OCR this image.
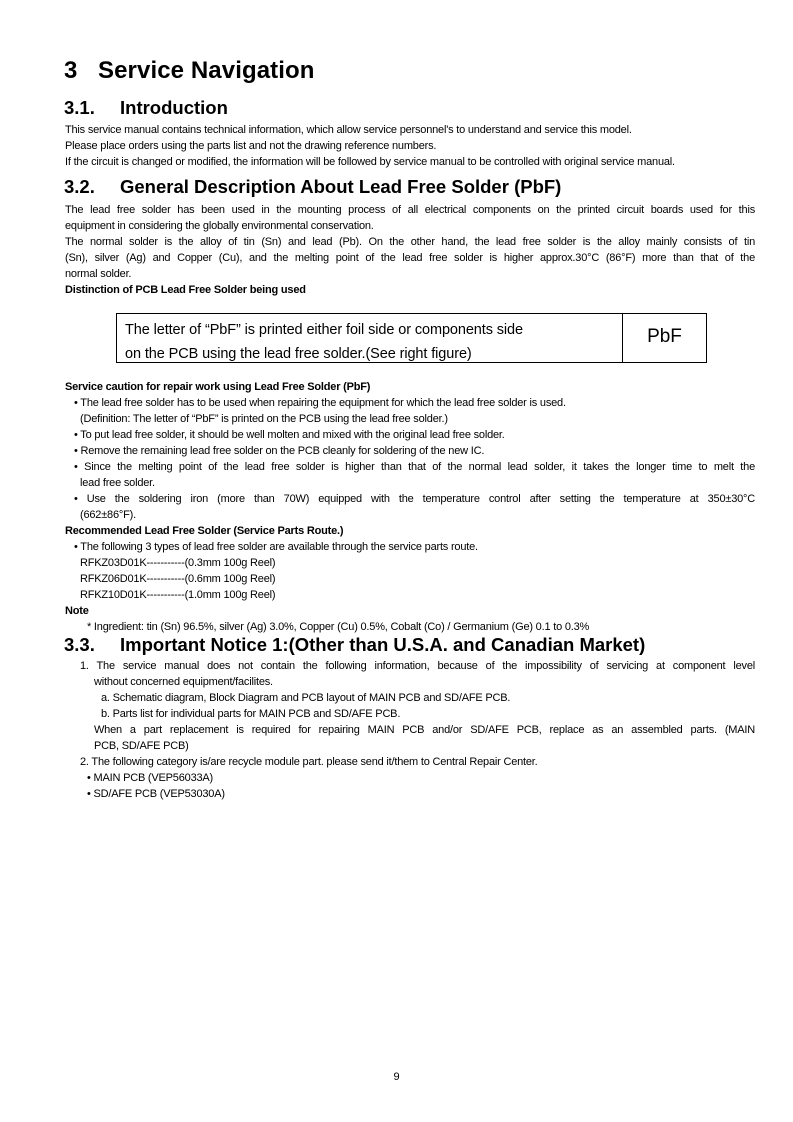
3 Service Navigation
3.1. Introduction
This service manual contains technical information, which allow service personnel's to understand and service this model.
Please place orders using the parts list and not the drawing reference numbers.
If the circuit is changed or modified, the information will be followed by service manual to be controlled with original service manual.
3.2. General Description About Lead Free Solder (PbF)
The lead free solder has been used in the mounting process of all electrical components on the printed circuit boards used for this
equipment in considering the globally environmental conservation.
The normal solder is the alloy of tin (Sn) and lead (Pb). On the other hand, the lead free solder is the alloy mainly consists of tin
(Sn), silver (Ag) and Copper (Cu), and the melting point of the lead free solder is higher approx.30°C (86°F) more than that of the
normal solder.
Distinction of PCB Lead Free Solder being used
The letter of “PbF” is printed either foil side or components side
on the PCB using the lead free solder.(See right figure)
PbF
Service caution for repair work using Lead Free Solder (PbF)
• The lead free solder has to be used when repairing the equipment for which the lead free solder is used.
(Definition: The letter of “PbF” is printed on the PCB using the lead free solder.)
• To put lead free solder, it should be well molten and mixed with the original lead free solder.
• Remove the remaining lead free solder on the PCB cleanly for soldering of the new IC.
• Since the melting point of the lead free solder is higher than that of the normal lead solder, it takes the longer time to melt the
lead free solder.
• Use the soldering iron (more than 70W) equipped with the temperature control after setting the temperature at 350±30°C
(662±86°F).
Recommended Lead Free Solder (Service Parts Route.)
• The following 3 types of lead free solder are available through the service parts route.
RFKZ03D01K-----------(0.3mm 100g Reel)
RFKZ06D01K-----------(0.6mm 100g Reel)
RFKZ10D01K-----------(1.0mm 100g Reel)
Note
* Ingredient: tin (Sn) 96.5%, silver (Ag) 3.0%, Copper (Cu) 0.5%, Cobalt (Co) / Germanium (Ge) 0.1 to 0.3%
3.3. Important Notice 1:(Other than U.S.A. and Canadian Market)
1. The service manual does not contain the following information, because of the impossibility of servicing at component level
without concerned equipment/facilites.
a. Schematic diagram, Block Diagram and PCB layout of MAIN PCB and SD/AFE PCB.
b. Parts list for individual parts for MAIN PCB and SD/AFE PCB.
When a part replacement is required for repairing MAIN PCB and/or SD/AFE PCB, replace as an assembled parts. (MAIN
PCB, SD/AFE PCB)
2. The following category is/are recycle module part. please send it/them to Central Repair Center.
• MAIN PCB (VEP56033A)
• SD/AFE PCB (VEP53030A)
9
